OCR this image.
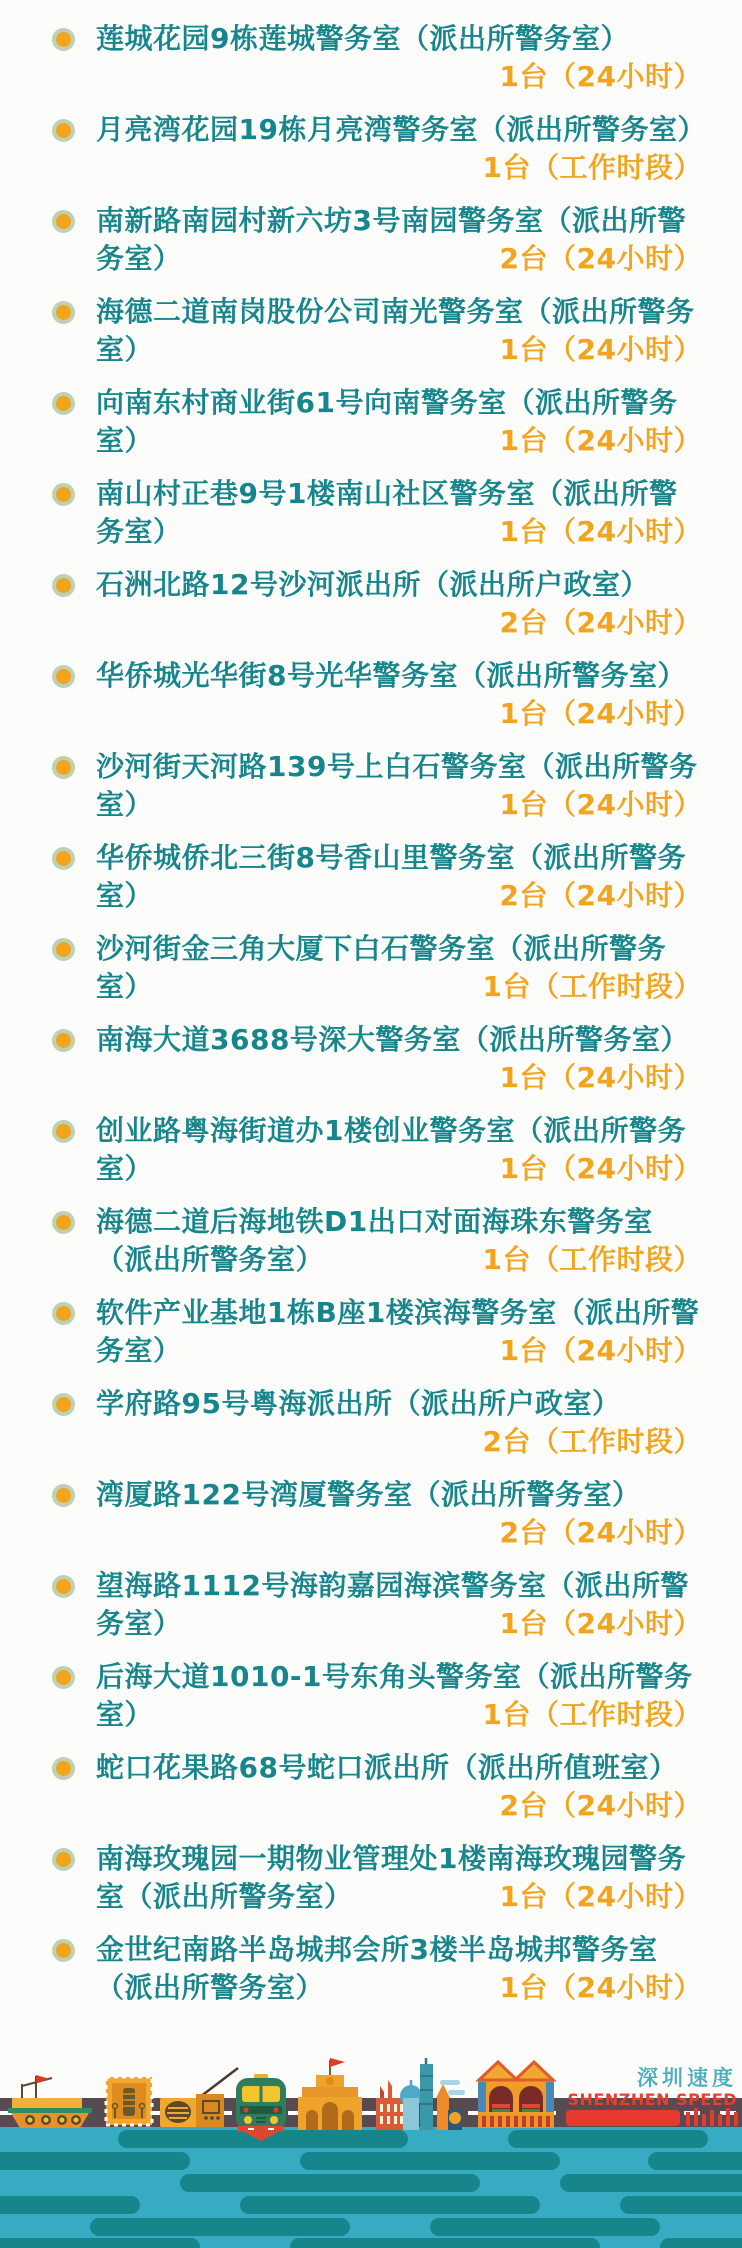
莲城花园9栋莲城警务室（派出所警务室）
1台（24小时）
月亮湾花园19栋月亮湾警务室（派出所警务室）
1台（工作时段）
南新路南园村新六坊3号南园警务室（派出所警务室）	2台（24小时）
海德二道南岗股份公司南光警务室（派出所警务室）	1台（24小时）
向南东村商业街61号向南警务室（派出所警务室）	1台（24小时）
南山村正巷9号1楼南山社区警务室（派出所警务室）	1台（24小时）
石洲北路12号沙河派出所（派出所户政室）
2台（24小时）
华侨城光华街8号光华警务室（派出所警务室）
1台（24小时）
沙河街天河路139号上白石警务室（派出所警务室）	1台（24小时）
华侨城侨北三街8号香山里警务室（派出所警务室）	2台（24小时）
沙河街金三角大厦下白石警务室（派出所警务室）	1台（工作时段）
南海大道3688号深大警务室（派出所警务室）
1台（24小时）
创业路粤海街道办1楼创业警务室（派出所警务室）	1台（24小时）
海德二道后海地铁D1出口对面海珠东警务室（派出所警务室）	1台（工作时段）
软件产业基地1栋B座1楼滨海警务室（派出所警务室）	1台（24小时）
学府路95号粤海派出所（派出所户政室）
2台（工作时段）
湾厦路122号湾厦警务室（派出所警务室）
2台（24小时）
望海路1112号海韵嘉园海滨警务室（派出所警务室）	1台（24小时）
后海大道1010-1号东角头警务室（派出所警务室）	1台（工作时段）
蛇口花果路68号蛇口派出所（派出所值班室）
2台（24小时）
南海玫瑰园一期物业管理处1楼南海玫瑰园警务室（派出所警务室）	1台（24小时）
金世纪南路半岛城邦会所3楼半岛城邦警务室（派出所警务室）	1台（24小时）
深圳速度
SHENZHEN SPEED
